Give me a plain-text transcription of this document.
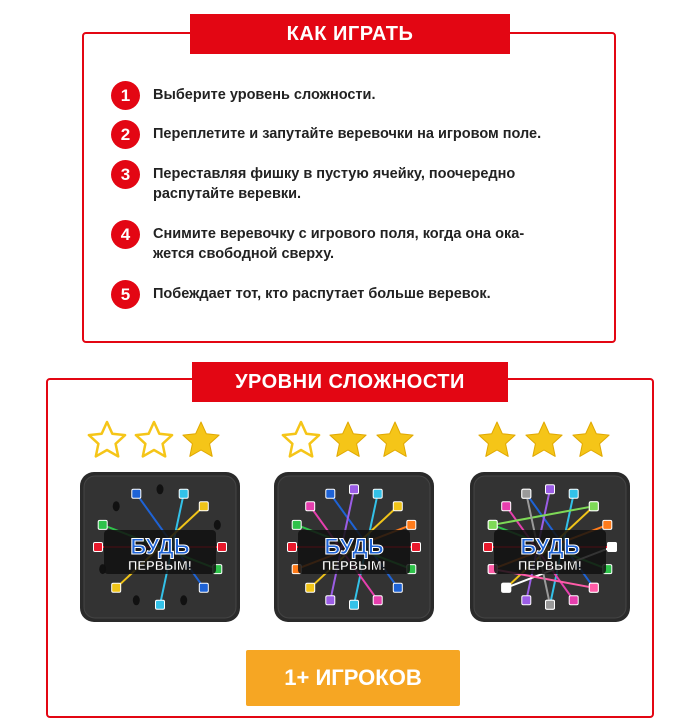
КАК ИГРАТЬ
1	Выберите уровень сложности.
2	Переплетите и запутайте веревочки на игровом поле.
3	Переставляя фишку в пустую ячейку, поочередно
распутайте веревки.
4	Снимите веревочку с игрового поля, когда она ока-
жется свободной сверху.
5	Побеждает тот, кто распутает больше веревок.
УРОВНИ СЛОЖНОСТИ
БУДЬ
ПЕРВЫМ!
БУДЬ
ПЕРВЫМ!
БУДЬ
ПЕРВЫМ!
1+ ИГРОКОВ
